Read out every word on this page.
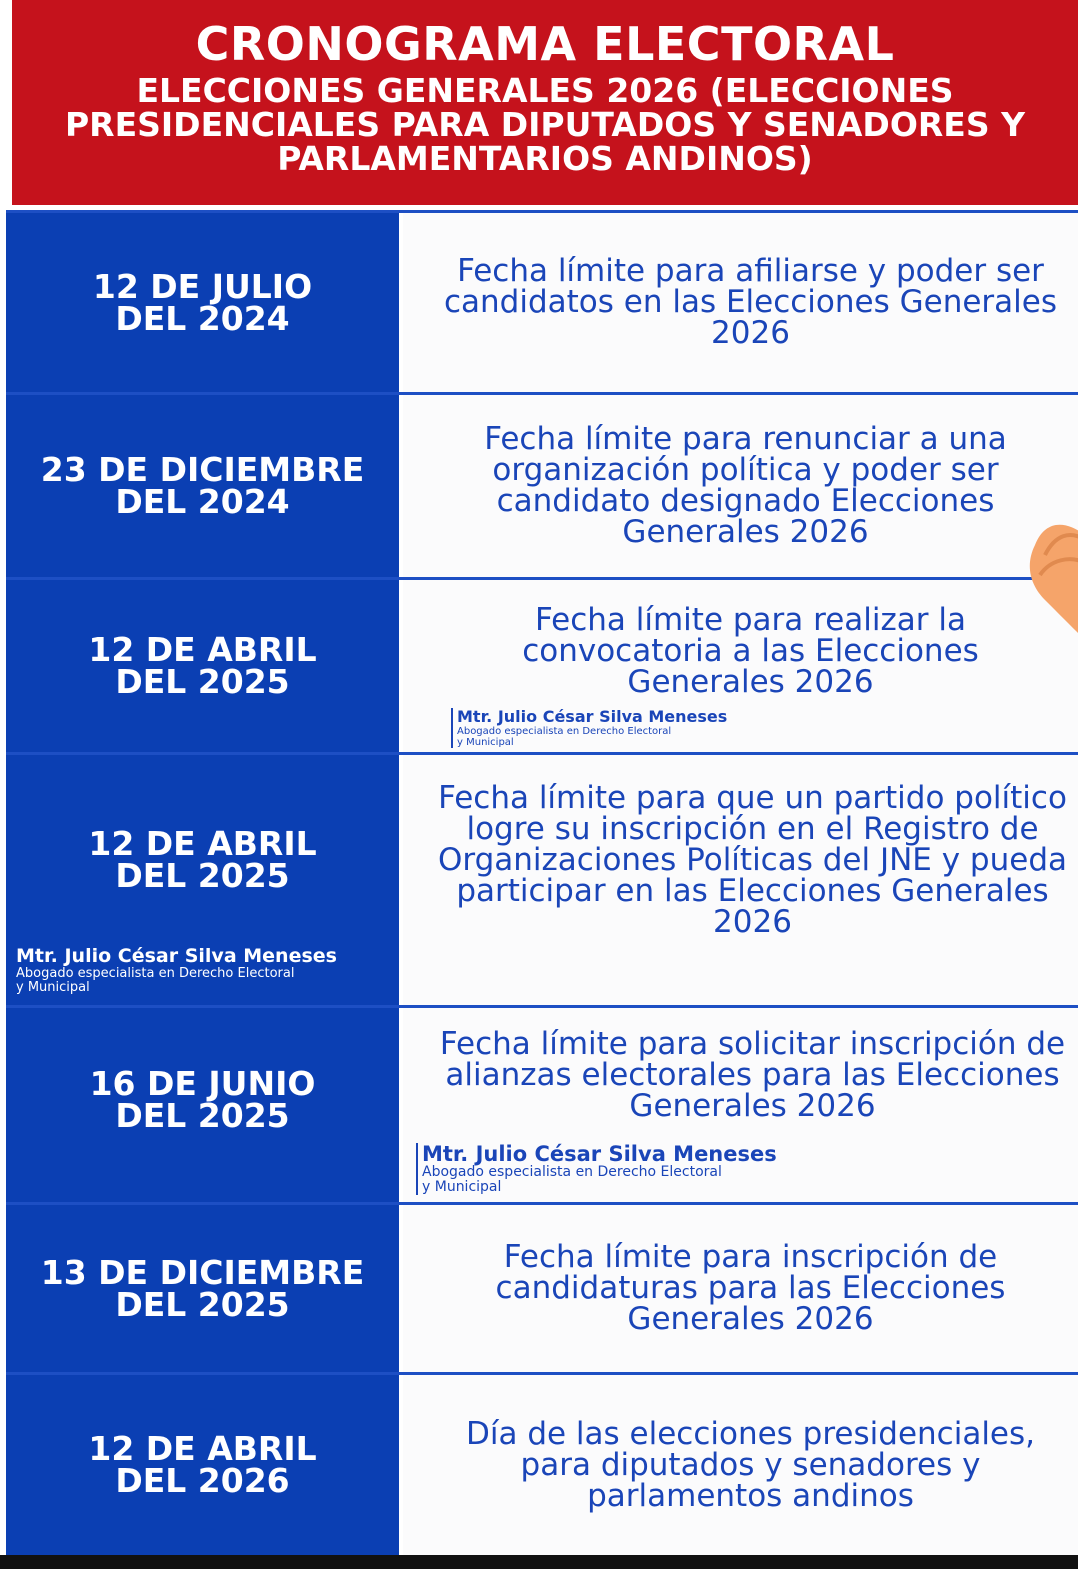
CRONOGRAMA ELECTORAL
ELECCIONES GENERALES 2026 (ELECCIONES PRESIDENCIALES PARA DIPUTADOS Y SENADORES Y PARLAMENTARIOS ANDINOS)
12 DE JULIO
DEL 2024
Fecha límite para afiliarse y poder ser candidatos en las Elecciones Generales 2026
23 DE DICIEMBRE
DEL 2024
Fecha límite para renunciar a una organización política y poder ser candidato designado Elecciones Generales 2026
12 DE ABRIL
DEL 2025
Fecha límite para realizar la convocatoria a las Elecciones Generales 2026
Mtr. Julio César Silva Meneses
Abogado especialista en Derecho Electoral
y Municipal
12 DE ABRIL
DEL 2025
Fecha límite para que un partido político logre su inscripción en el Registro de Organizaciones Políticas del JNE y pueda participar en las Elecciones Generales 2026
Mtr. Julio César Silva Meneses
Abogado especialista en Derecho Electoral
y Municipal
16 DE JUNIO
DEL 2025
Fecha límite para solicitar inscripción de alianzas electorales para las Elecciones Generales 2026
Mtr. Julio César Silva Meneses
Abogado especialista en Derecho Electoral
y Municipal
13 DE DICIEMBRE
DEL 2025
Fecha límite para inscripción de candidaturas para las Elecciones Generales 2026
12 DE ABRIL
DEL 2026
Día de las elecciones presidenciales, para diputados y senadores y parlamentos andinos
